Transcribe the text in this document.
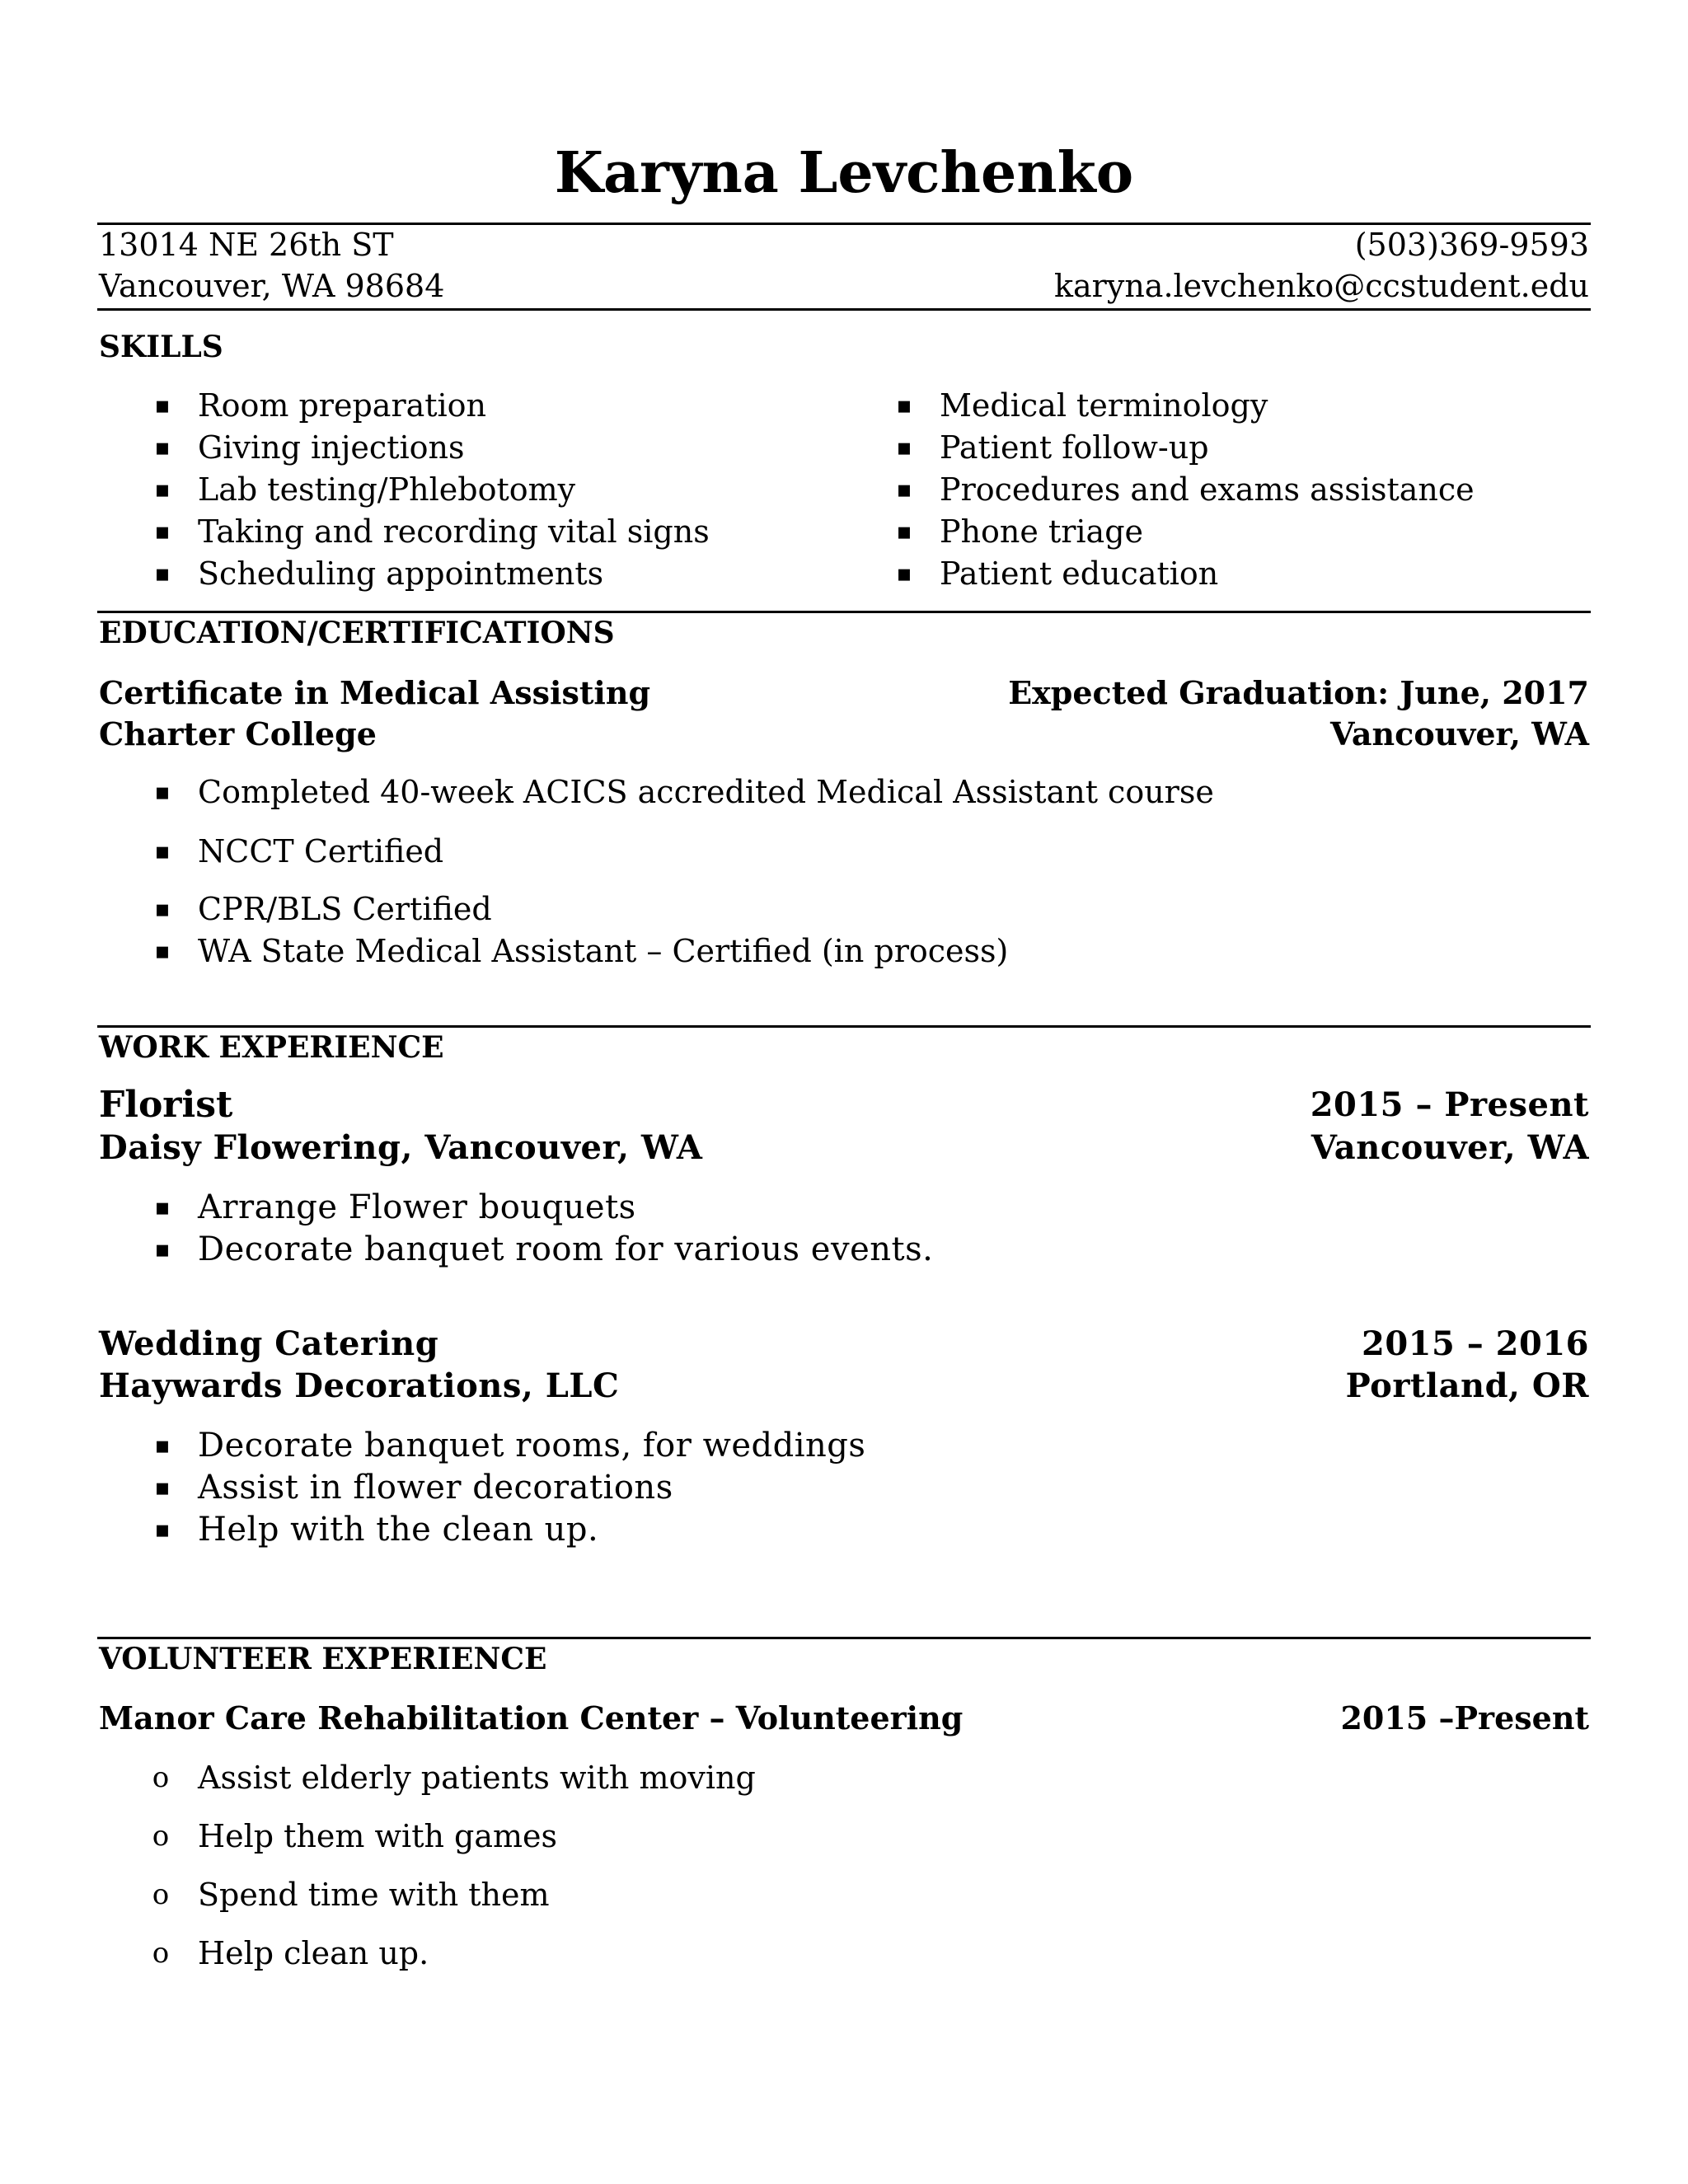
Karyna Levchenko
13014 NE 26th ST	(503)369-9593
Vancouver, WA 98684	karyna.levchenko@ccstudent.edu
SKILLS
▪ Room preparation
▪ Giving injections
▪ Lab testing/Phlebotomy
▪ Taking and recording vital signs
▪ Scheduling appointments
▪ Medical terminology
▪ Patient follow-up
▪ Procedures and exams assistance
▪ Phone triage
▪ Patient education
EDUCATION/CERTIFICATIONS
Certificate in Medical Assisting	Expected Graduation: June, 2017
Charter College	Vancouver, WA
▪ Completed 40-week ACICS accredited Medical Assistant course
▪ NCCT Certified
▪ CPR/BLS Certified
▪ WA State Medical Assistant – Certified (in process)
WORK EXPERIENCE
Florist	2015 – Present
Daisy Flowering, Vancouver, WA	Vancouver, WA
▪ Arrange Flower bouquets
▪ Decorate banquet room for various events.
Wedding Catering	2015 – 2016
Haywards Decorations, LLC	Portland, OR
▪ Decorate banquet rooms, for weddings
▪ Assist in flower decorations
▪ Help with the clean up.
VOLUNTEER EXPERIENCE
Manor Care Rehabilitation Center – Volunteering	2015 –Present
o Assist elderly patients with moving
o Help them with games
o Spend time with them
o Help clean up.
